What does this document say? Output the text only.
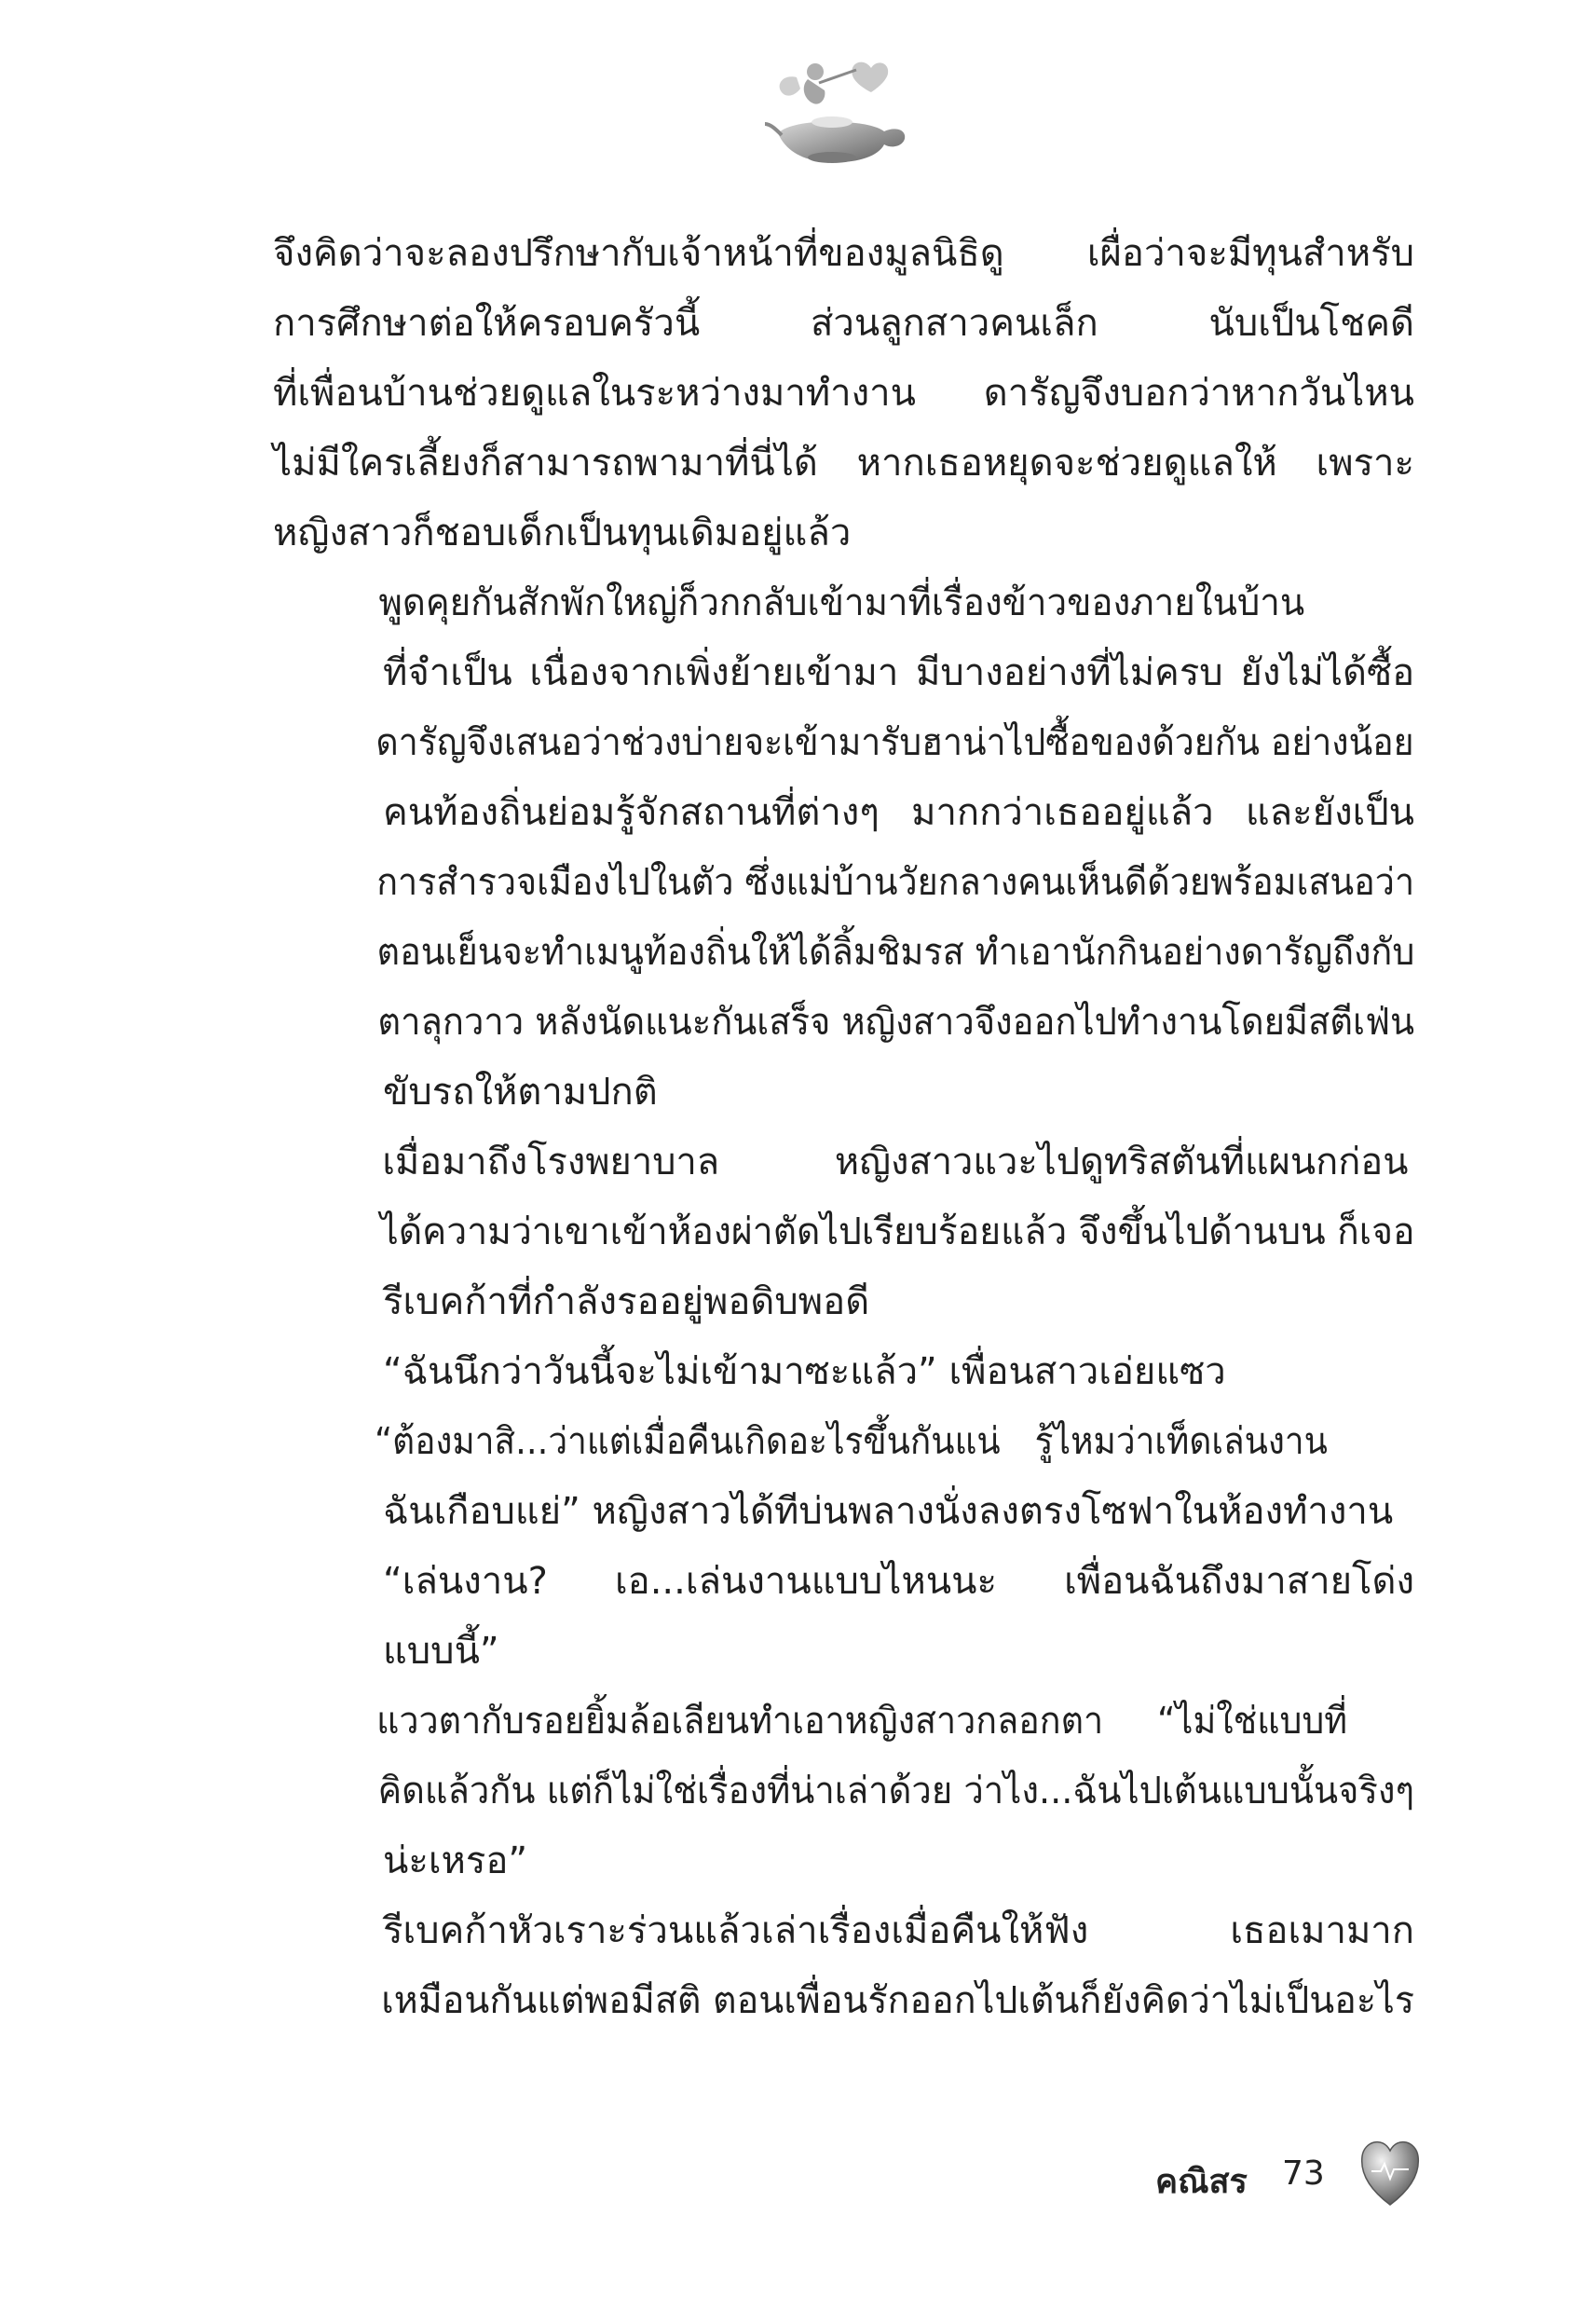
จึงคิดว่าจะลองปรึกษากับเจ้าหน้าที่ของมูลนิธิดู เผื่อว่าจะมีทุนสำหรับ
การศึกษาต่อให้ครอบครัวนี้ ส่วนลูกสาวคนเล็ก นับเป็นโชคดี
ที่เพื่อนบ้านช่วยดูแลในระหว่างมาทำงาน ดารัญจึงบอกว่าหากวันไหน
ไม่มีใครเลี้ยงก็สามารถพามาที่นี่ได้ หากเธอหยุดจะช่วยดูแลให้ เพราะ
หญิงสาวก็ชอบเด็กเป็นทุนเดิมอยู่แล้ว
พูดคุยกันสักพักใหญ่ก็วกกลับเข้ามาที่เรื่องข้าวของภายในบ้าน
ที่จำเป็น เนื่องจากเพิ่งย้ายเข้ามา มีบางอย่างที่ไม่ครบ ยังไม่ได้ซื้อ
ดารัญจึงเสนอว่าช่วงบ่ายจะเข้ามารับฮาน่าไปซื้อของด้วยกัน อย่างน้อย
คนท้องถิ่นย่อมรู้จักสถานที่ต่างๆ มากกว่าเธออยู่แล้ว และยังเป็น
การสำรวจเมืองไปในตัว ซึ่งแม่บ้านวัยกลางคนเห็นดีด้วยพร้อมเสนอว่า
ตอนเย็นจะทำเมนูท้องถิ่นให้ได้ลิ้มชิมรส ทำเอานักกินอย่างดารัญถึงกับ
ตาลุกวาว หลังนัดแนะกันเสร็จ หญิงสาวจึงออกไปทำงานโดยมีสตีเฟ่น
ขับรถให้ตามปกติ
เมื่อมาถึงโรงพยาบาล หญิงสาวแวะไปดูทริสตันที่แผนกก่อน
ได้ความว่าเขาเข้าห้องผ่าตัดไปเรียบร้อยแล้ว จึงขึ้นไปด้านบน ก็เจอ
รีเบคก้าที่กำลังรออยู่พอดิบพอดี
“ฉันนึกว่าวันนี้จะไม่เข้ามาซะแล้ว” เพื่อนสาวเอ่ยแซว
“ต้องมาสิ...ว่าแต่เมื่อคืนเกิดอะไรขึ้นกันแน่ รู้ไหมว่าเท็ดเล่นงาน
ฉันเกือบแย่” หญิงสาวได้ทีบ่นพลางนั่งลงตรงโซฟาในห้องทำงาน
“เล่นงาน? เอ...เล่นงานแบบไหนนะ เพื่อนฉันถึงมาสายโด่ง
แบบนี้”
แววตากับรอยยิ้มล้อเลียนทำเอาหญิงสาวกลอกตา “ไม่ใช่แบบที่
คิดแล้วกัน แต่ก็ไม่ใช่เรื่องที่น่าเล่าด้วย ว่าไง...ฉันไปเต้นแบบนั้นจริงๆ
น่ะเหรอ”
รีเบคก้าหัวเราะร่วนแล้วเล่าเรื่องเมื่อคืนให้ฟัง เธอเมามาก
เหมือนกันแต่พอมีสติ ตอนเพื่อนรักออกไปเต้นก็ยังคิดว่าไม่เป็นอะไร
คณิสร 73
